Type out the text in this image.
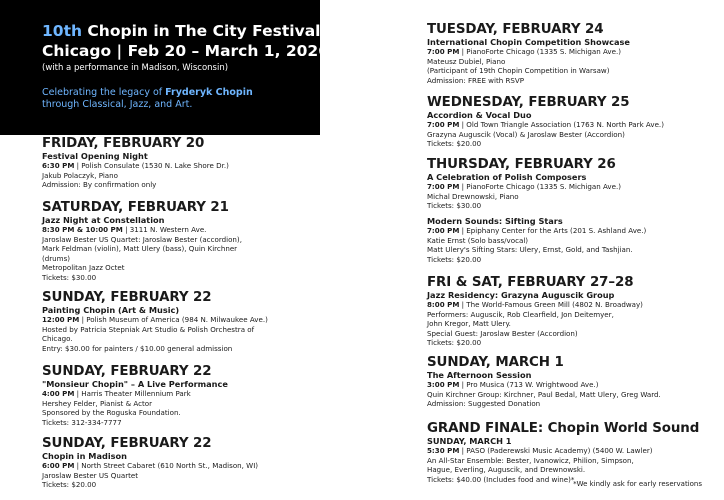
10th Chopin in The City Festival
Chicago | Feb 20 – March 1, 2026
(with a performance in Madison, Wisconsin)
Celebrating the legacy of Fryderyk Chopin
through Classical, Jazz, and Art.
FRIDAY, FEBRUARY 20
Festival Opening Night
6:30 PM | Polish Consulate (1530 N. Lake Shore Dr.)
Jakub Polaczyk, Piano
Admission: By confirmation only
SATURDAY, FEBRUARY 21
Jazz Night at Constellation
8:30 PM & 10:00 PM | 3111 N. Western Ave.
Jaroslaw Bester US Quartet: Jaroslaw Bester (accordion),
Mark Feldman (violin), Matt Ulery (bass), Quin Kirchner
(drums)
Metropolitan Jazz Octet
Tickets: $30.00
SUNDAY, FEBRUARY 22
Painting Chopin (Art & Music)
12:00 PM | Polish Museum of America (984 N. Milwaukee Ave.)
Hosted by Patricia Stepniak Art Studio & Polish Orchestra of
Chicago.
Entry: $30.00 for painters / $10.00 general admission
SUNDAY, FEBRUARY 22
"Monsieur Chopin" – A Live Performance
4:00 PM | Harris Theater Millennium Park
Hershey Felder, Pianist & Actor
Sponsored by the Roguska Foundation.
Tickets: 312-334-7777
SUNDAY, FEBRUARY 22
Chopin in Madison
6:00 PM | North Street Cabaret (610 North St., Madison, WI)
Jaroslaw Bester US Quartet
Tickets: $20.00
TUESDAY, FEBRUARY 24
International Chopin Competition Showcase
7:00 PM | PianoForte Chicago (1335 S. Michigan Ave.)
Mateusz Dubiel, Piano
(Participant of 19th Chopin Competition in Warsaw)
Admission: FREE with RSVP
WEDNESDAY, FEBRUARY 25
Accordion & Vocal Duo
7:00 PM | Old Town Triangle Association (1763 N. North Park Ave.)
Grazyna Auguscik (Vocal) & Jaroslaw Bester (Accordion)
Tickets: $20.00
THURSDAY, FEBRUARY 26
A Celebration of Polish Composers
7:00 PM | PianoForte Chicago (1335 S. Michigan Ave.)
Michal Drewnowski, Piano
Tickets: $30.00
Modern Sounds: Sifting Stars
7:00 PM | Epiphany Center for the Arts (201 S. Ashland Ave.)
Katie Ernst (Solo bass/vocal)
Matt Ulery's Sifting Stars: Ulery, Ernst, Gold, and Tashjian.
Tickets: $20.00
FRI & SAT, FEBRUARY 27–28
Jazz Residency: Grazyna Auguscik Group
8:00 PM | The World-Famous Green Mill (4802 N. Broadway)
Performers: Auguscik, Rob Clearfield, Jon Deitemyer,
John Kregor, Matt Ulery.
Special Guest: Jaroslaw Bester (Accordion)
Tickets: $20.00
SUNDAY, MARCH 1
The Afternoon Session
3:00 PM | Pro Musica (713 W. Wrightwood Ave.)
Quin Kirchner Group: Kirchner, Paul Bedal, Matt Ulery, Greg Ward.
Admission: Suggested Donation
GRAND FINALE: Chopin World Sound
SUNDAY, MARCH 1
5:30 PM | PASO (Paderewski Music Academy) (5400 W. Lawler)
An All-Star Ensemble: Bester, Ivanowicz, Philion, Simpson,
Hague, Everling, Auguscik, and Drewnowski.
Tickets: $40.00 (Includes food and wine)*
*We kindly ask for early reservations
